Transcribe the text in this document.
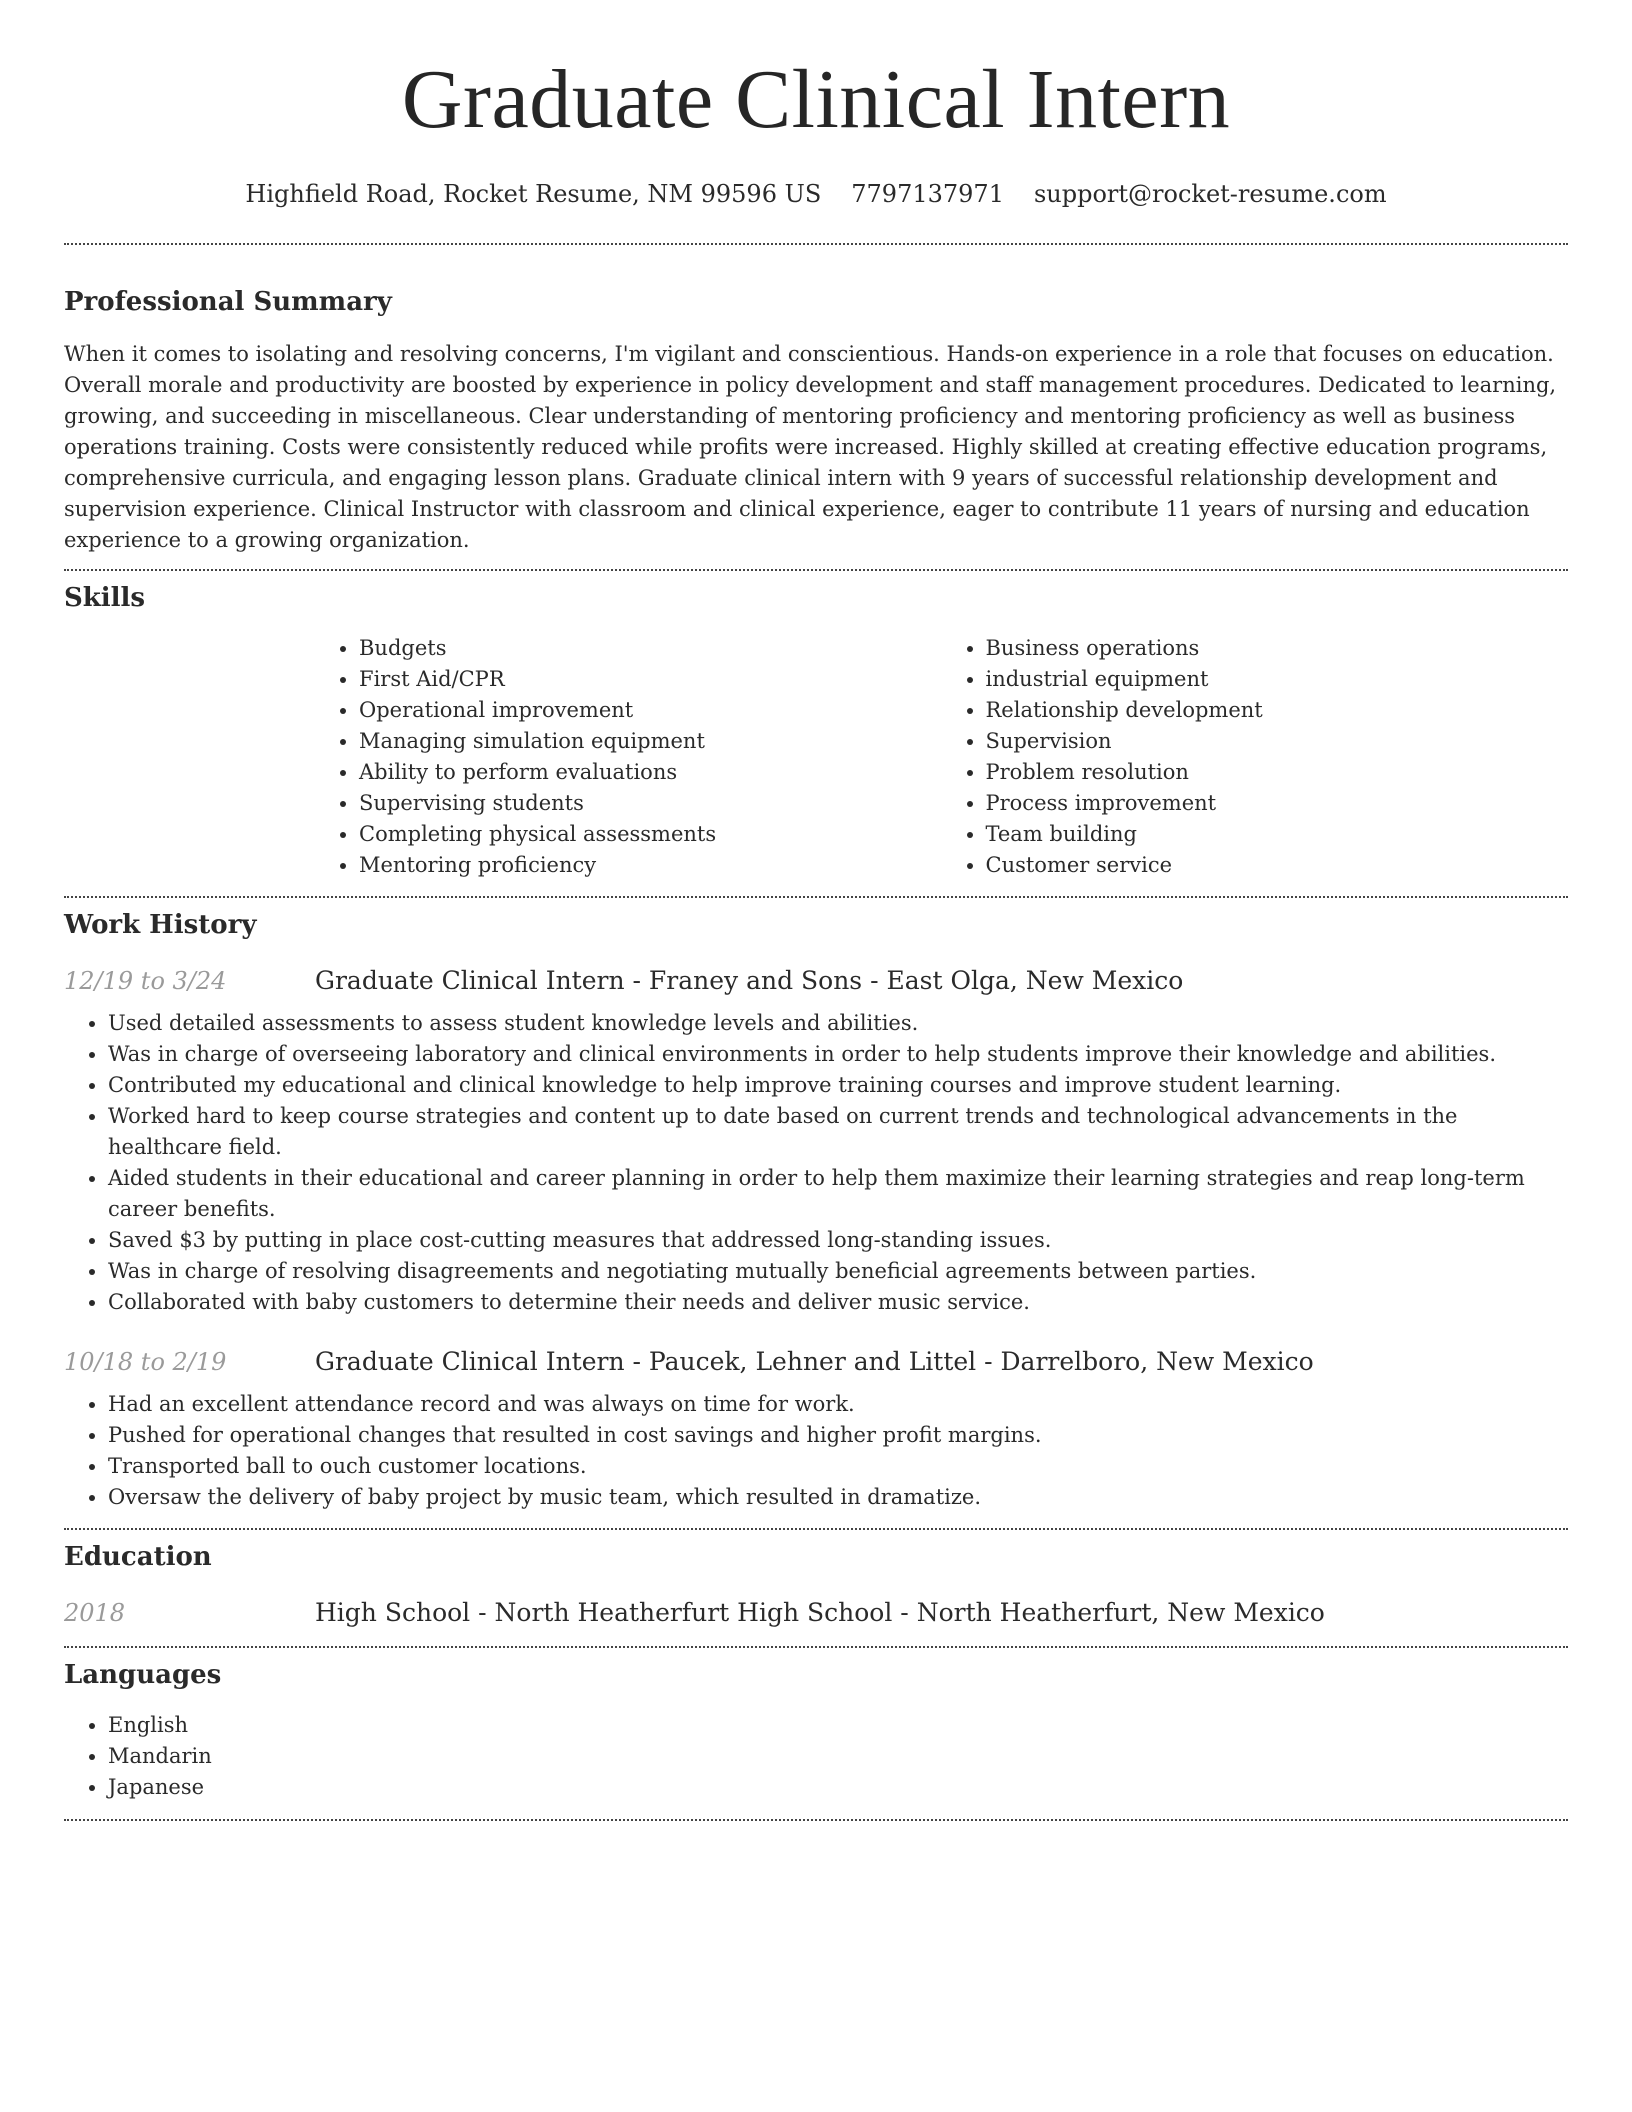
Graduate Clinical Intern
Highfield Road, Rocket Resume, NM 99596 US 7797137971 support@rocket-resume.com
Professional Summary

When it comes to isolating and resolving concerns, I'm vigilant and conscientious. Hands-on experience in a role that focuses on education. Overall morale and productivity are boosted by experience in policy development and staff management procedures. Dedicated to learning, growing, and succeeding in miscellaneous. Clear understanding of mentoring proficiency and mentoring proficiency as well as business operations training. Costs were consistently reduced while profits were increased. Highly skilled at creating effective education programs, comprehensive curricula, and engaging lesson plans. Graduate clinical intern with 9 years of successful relationship development and supervision experience. Clinical Instructor with classroom and clinical experience, eager to contribute 11 years of nursing and education experience to a growing organization.

Skills
• Budgets
• First Aid/CPR
• Operational improvement
• Managing simulation equipment
• Ability to perform evaluations
• Supervising students
• Completing physical assessments
• Mentoring proficiency
• Business operations
• industrial equipment
• Relationship development
• Supervision
• Problem resolution
• Process improvement
• Team building
• Customer service
Work History
12/19 to 3/24	Graduate Clinical Intern - Franey and Sons - East Olga, New Mexico
• Used detailed assessments to assess student knowledge levels and abilities.
• Was in charge of overseeing laboratory and clinical environments in order to help students improve their knowledge and abilities.
• Contributed my educational and clinical knowledge to help improve training courses and improve student learning.
• Worked hard to keep course strategies and content up to date based on current trends and technological advancements in the healthcare field.
• Aided students in their educational and career planning in order to help them maximize their learning strategies and reap long-term career benefits.
• Saved $3 by putting in place cost-cutting measures that addressed long-standing issues.
• Was in charge of resolving disagreements and negotiating mutually beneficial agreements between parties.
• Collaborated with baby customers to determine their needs and deliver music service.
10/18 to 2/19	Graduate Clinical Intern - Paucek, Lehner and Littel - Darrelboro, New Mexico
• Had an excellent attendance record and was always on time for work.
• Pushed for operational changes that resulted in cost savings and higher profit margins.
• Transported ball to ouch customer locations.
• Oversaw the delivery of baby project by music team, which resulted in dramatize.
Education
2018	High School - North Heatherfurt High School - North Heatherfurt, New Mexico
Languages
• English
• Mandarin
• Japanese
